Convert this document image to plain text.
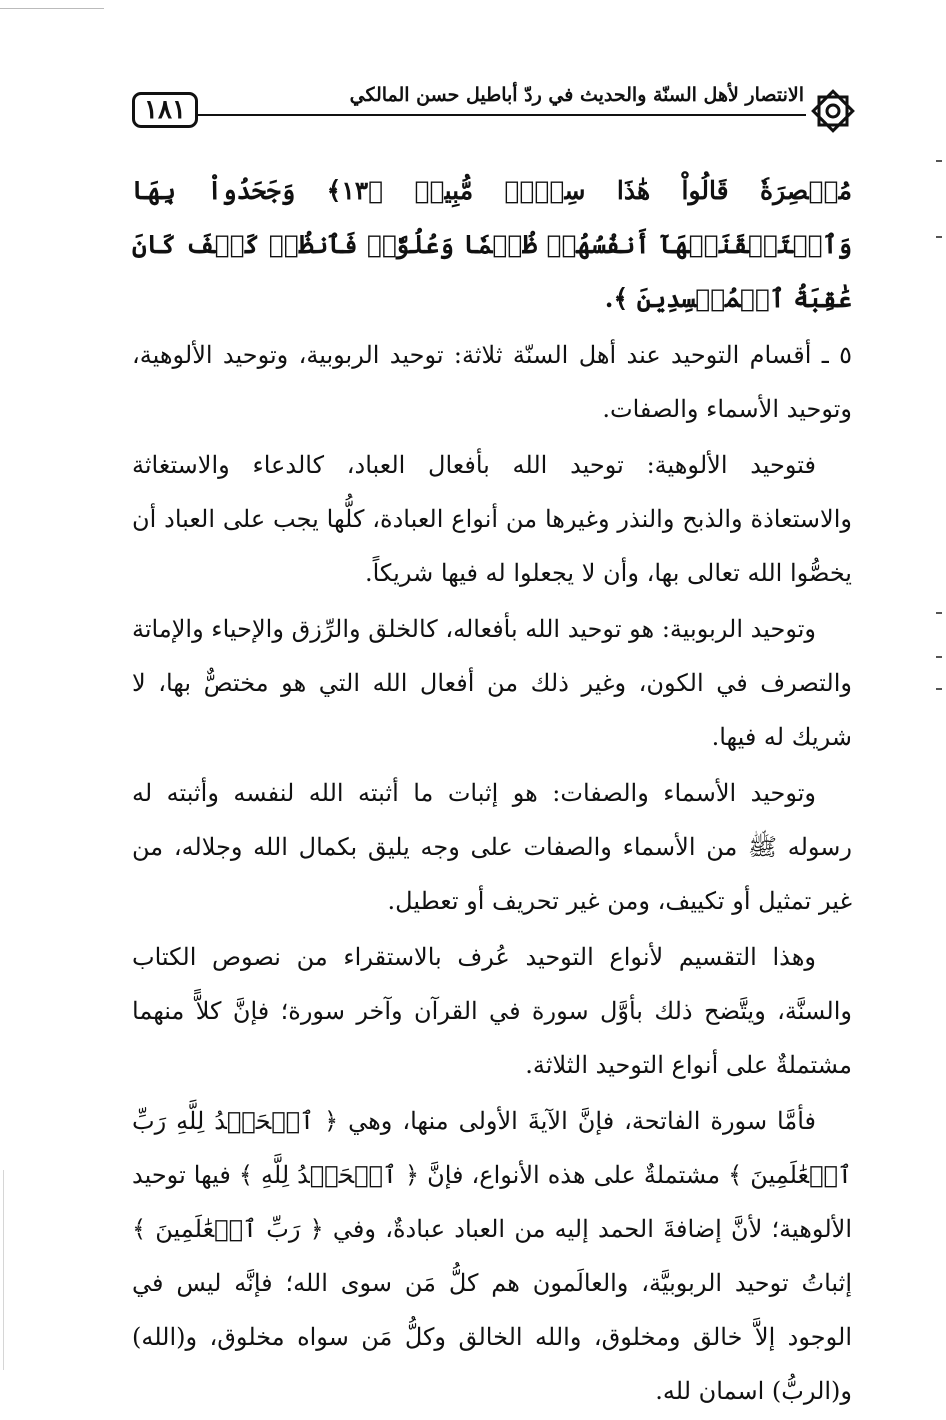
١٨١	الانتصار لأهل السنّة والحديث في ردّ أباطيل حسن المالكي

مُبۡصِرَةٗ قَالُواْ هَٰذَا سِحۡرٞ مُّبِينٞ ﴿١٣﴾ وَجَحَدُواْ بِهَا وَٱسۡتَيۡقَنَتۡهَآ أَنفُسُهُمۡ ظُلۡمٗا وَعُلُوّٗاۚ فَٱنظُرۡ كَيۡفَ كَانَ عَٰقِبَةُ ٱلۡمُفۡسِدِينَ ﴾.

٥ ـ أقسام التوحيد عند أهل السنّة ثلاثة: توحيد الربوبية، وتوحيد الألوهية، وتوحيد الأسماء والصفات.

فتوحيد الألوهية: توحيد الله بأفعال العباد، كالدعاء والاستغاثة والاستعاذة والذبح والنذر وغيرها من أنواع العبادة، كلُّها يجب على العباد أن يخصُّوا الله تعالى بها، وأن لا يجعلوا له فيها شريكاً.

وتوحيد الربوبية: هو توحيد الله بأفعاله، كالخلق والرِّزق والإحياء والإماتة والتصرف في الكون، وغير ذلك من أفعال الله التي هو مختصٌّ بها، لا شريك له فيها.

وتوحيد الأسماء والصفات: هو إثبات ما أثبته الله لنفسه وأثبته له رسوله ﷺ من الأسماء والصفات على وجه يليق بكمال الله وجلاله، من غير تمثيل أو تكييف، ومن غير تحريف أو تعطيل.

وهذا التقسيم لأنواع التوحيد عُرف بالاستقراء من نصوص الكتاب والسنَّة، ويتَّضح ذلك بأوَّل سورة في القرآن وآخر سورة؛ فإنَّ كلاًّ منهما مشتملةٌ على أنواع التوحيد الثلاثة.

فأمَّا سورة الفاتحة، فإنَّ الآيةَ الأولى منها، وهي ﴿ ٱلۡحَمۡدُ لِلَّهِ رَبِّ ٱلۡعَٰلَمِينَ ﴾ مشتملةٌ على هذه الأنواع، فإنَّ ﴿ ٱلۡحَمۡدُ لِلَّهِ ﴾ فيها توحيد الألوهية؛ لأنَّ إضافةَ الحمد إليه من العباد عبادةٌ، وفي ﴿ رَبِّ ٱلۡعَٰلَمِينَ ﴾ إثباتُ توحيد الربوبيَّة، والعالَمون هم كلُّ مَن سوى الله؛ فإنَّه ليس في الوجود إلاَّ خالق ومخلوق، والله الخالق وكلُّ مَن سواه مخلوق، و(الله) و(الربُّ) اسمان لله.
